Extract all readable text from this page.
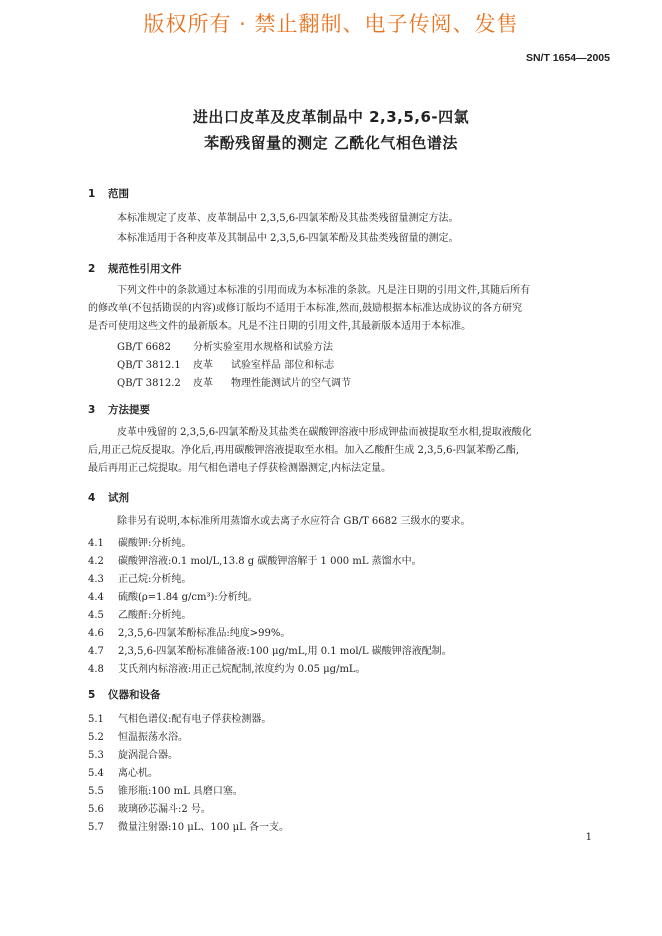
版权所有 · 禁止翻制、电子传阅、发售
SN/T 1654—2005
进出口皮革及皮革制品中 2,3,5,6-四氯
苯酚残留量的测定 乙酰化气相色谱法
1 范围
本标准规定了皮革、皮革制品中 2,3,5,6-四氯苯酚及其盐类残留量测定方法。
本标准适用于各种皮革及其制品中 2,3,5,6-四氯苯酚及其盐类残留量的测定。
2 规范性引用文件
下列文件中的条款通过本标准的引用而成为本标准的条款。凡是注日期的引用文件,其随后所有
的修改单(不包括勘误的内容)或修订版均不适用于本标准,然而,鼓励根据本标准达成协议的各方研究
是否可使用这些文件的最新版本。凡是不注日期的引用文件,其最新版本适用于本标准。
GB/T 6682 分析实验室用水规格和试验方法
QB/T 3812.1 皮革 试验室样品 部位和标志
QB/T 3812.2 皮革 物理性能测试片的空气调节
3 方法提要
皮革中残留的 2,3,5,6-四氯苯酚及其盐类在碳酸钾溶液中形成钾盐而被提取至水相,提取液酸化
后,用正己烷反提取。净化后,再用碳酸钾溶液提取至水相。加入乙酸酐生成 2,3,5,6-四氯苯酚乙酯,
最后再用正己烷提取。用气相色谱电子俘获检测器测定,内标法定量。
4 试剂
除非另有说明,本标准所用蒸馏水或去离子水应符合 GB/T 6682 三级水的要求。
4.1 碳酸钾:分析纯。
4.2 碳酸钾溶液:0.1 mol/L,13.8 g 碳酸钾溶解于 1 000 mL 蒸馏水中。
4.3 正己烷:分析纯。
4.4 硫酸(ρ=1.84 g/cm³):分析纯。
4.5 乙酸酐:分析纯。
4.6 2,3,5,6-四氯苯酚标准品:纯度>99%。
4.7 2,3,5,6-四氯苯酚标准储备液:100 μg/mL,用 0.1 mol/L 碳酸钾溶液配制。
4.8 艾氏剂内标溶液:用正己烷配制,浓度约为 0.05 μg/mL。
5 仪器和设备
5.1 气相色谱仪:配有电子俘获检测器。
5.2 恒温振荡水浴。
5.3 旋涡混合器。
5.4 离心机。
5.5 锥形瓶:100 mL 具磨口塞。
5.6 玻璃砂芯漏斗:2 号。
5.7 微量注射器:10 μL、100 μL 各一支。
1
